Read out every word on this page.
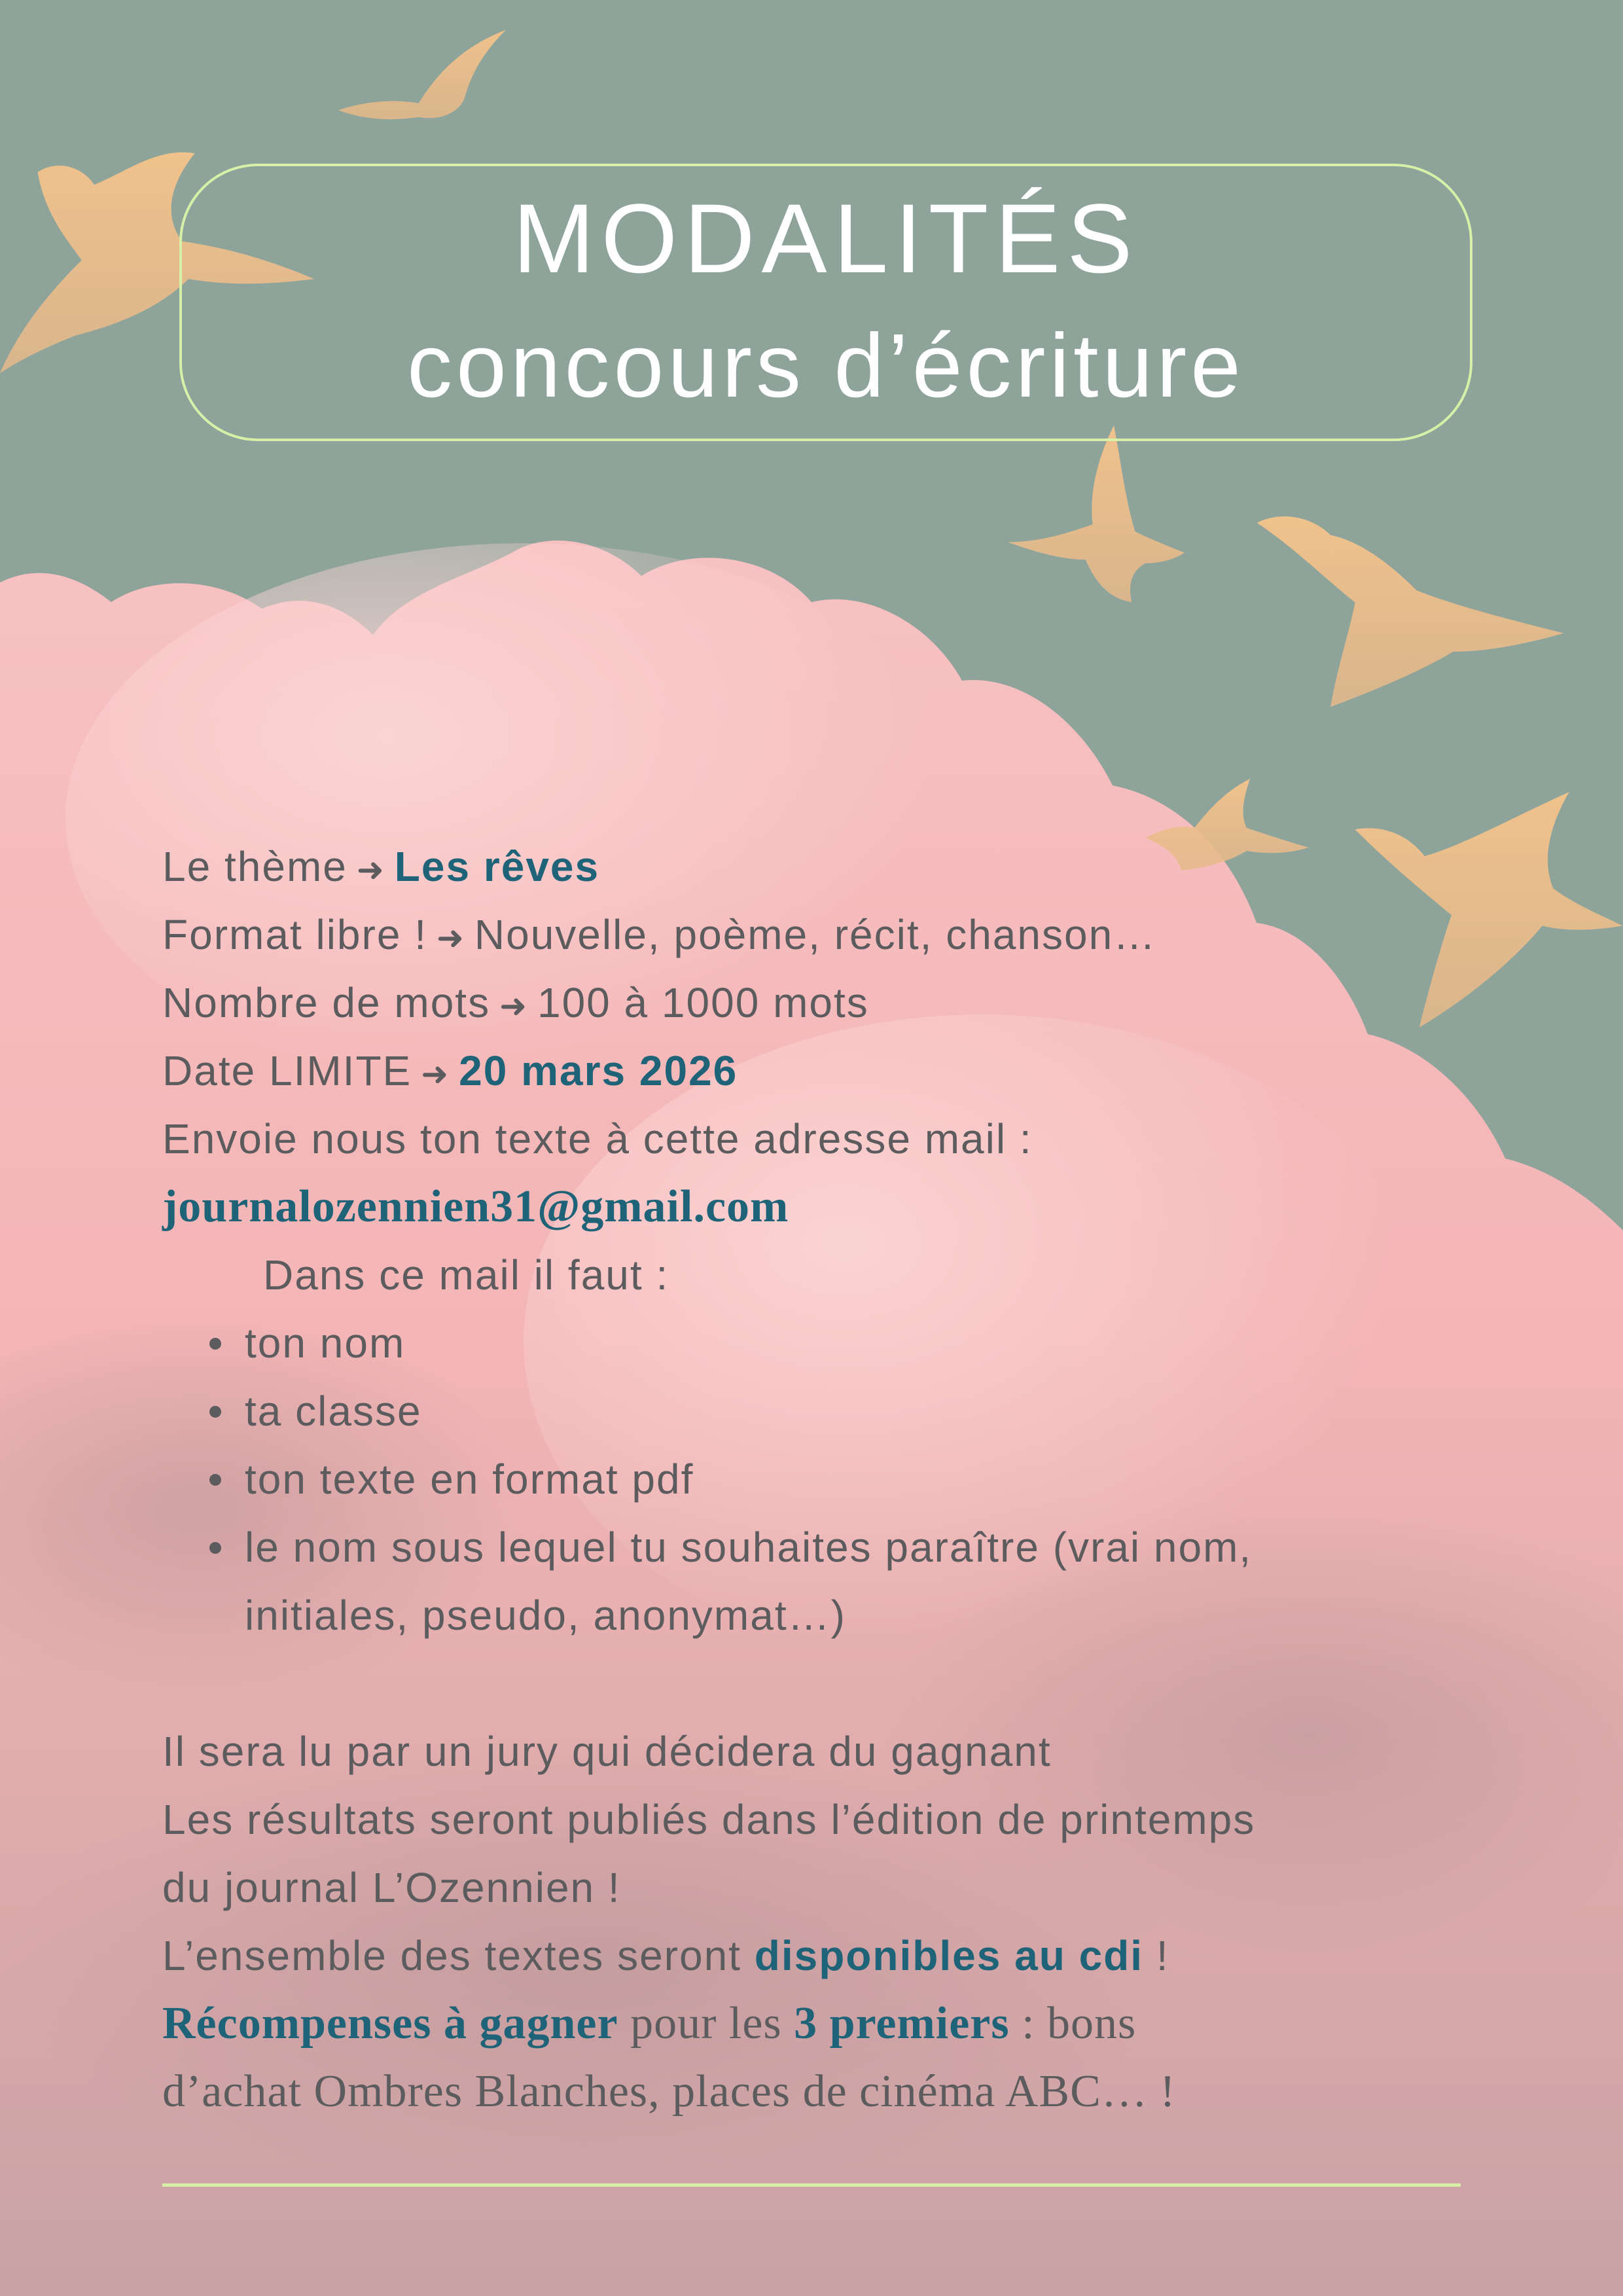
MODALITÉS
concours d’écriture
Le thème ➜ Les rêves
Format libre ! ➜ Nouvelle, poème, récit, chanson…
Nombre de mots ➜ 100 à 1000 mots
Date LIMITE ➜ 20 mars 2026
Envoie nous ton texte à cette adresse mail :
journalozennien31@gmail.com
Dans ce mail il faut :
ton nom
ta classe
ton texte en format pdf
le nom sous lequel tu souhaites paraître (vrai nom,
initiales, pseudo, anonymat…)
Il sera lu par un jury qui décidera du gagnant
Les résultats seront publiés dans l’édition de printemps
du journal L’Ozennien !
L’ensemble des textes seront disponibles au cdi !
Récompenses à gagner pour les 3 premiers : bons
d’achat Ombres Blanches, places de cinéma ABC… !
